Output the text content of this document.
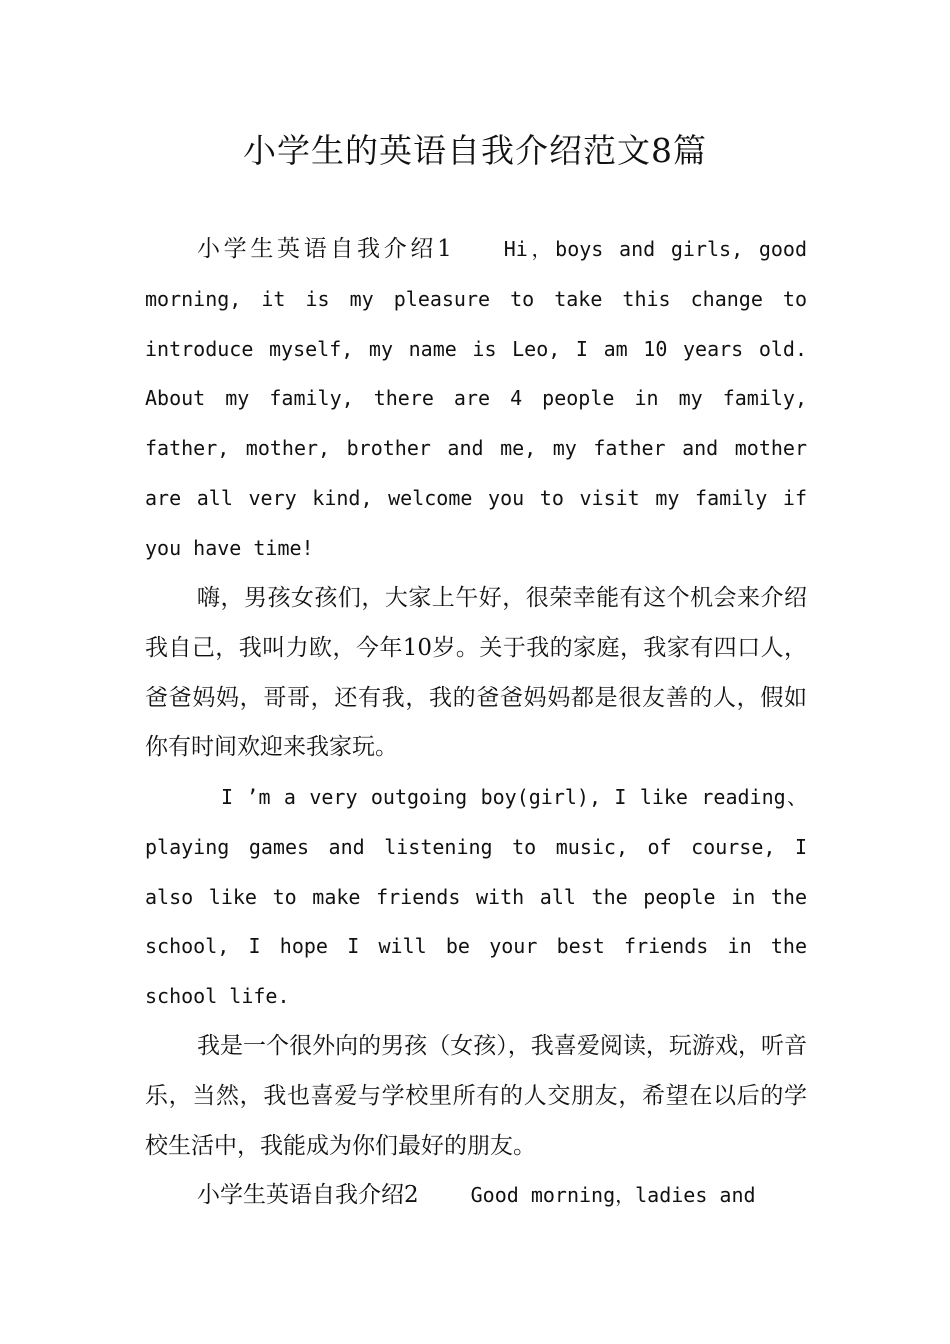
小学生的英语自我介绍范文8篇

小学生英语自我介绍1	Hi，boys and girls, good morning, it is my pleasure to take this change to introduce myself, my name is Leo, I am 10 years old. About my family, there are 4 people in my family, father, mother, brother and me, my father and mother are all very kind, welcome you to visit my family if you have time!

嗨，男孩女孩们，大家上午好，很荣幸能有这个机会来介绍我自己，我叫力欧，今年10岁。关于我的家庭，我家有四口人，爸爸妈妈，哥哥，还有我，我的爸爸妈妈都是很友善的人，假如你有时间欢迎来我家玩。

I ’m a very outgoing boy(girl), I like reading、playing games and listening to music, of course, I also like to make friends with all the people in the school, I hope I will be your best friends in the school life.

我是一个很外向的男孩（女孩），我喜爱阅读，玩游戏，听音乐，当然，我也喜爱与学校里所有的人交朋友，希望在以后的学校生活中，我能成为你们最好的朋友。

小学生英语自我介绍2	Good morning，ladies and
